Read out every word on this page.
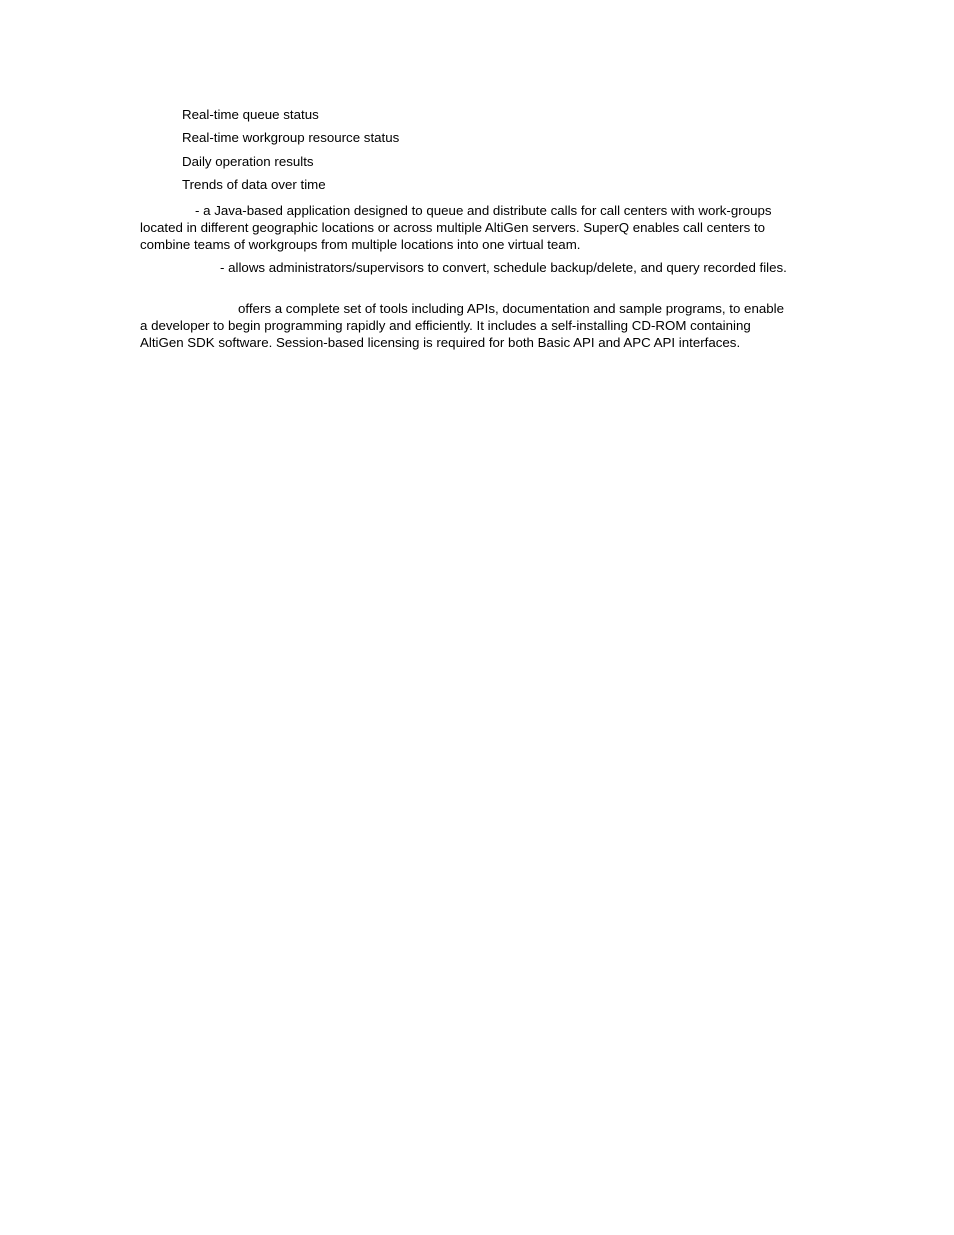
Real-time queue status
Real-time workgroup resource status
Daily operation results
Trends of data over time

- a Java-based application designed to queue and distribute calls for call centers with work-groups located in different geographic locations or across multiple AltiGen servers. SuperQ enables call centers to combine teams of workgroups from multiple locations into one virtual team.

- allows administrators/supervisors to convert, schedule backup/delete, and query recorded files.

offers a complete set of tools including APIs, documentation and sample programs, to enable a developer to begin programming rapidly and efficiently. It includes a self-installing CD-ROM containing AltiGen SDK software. Session-based licensing is required for both Basic API and APC API interfaces.
